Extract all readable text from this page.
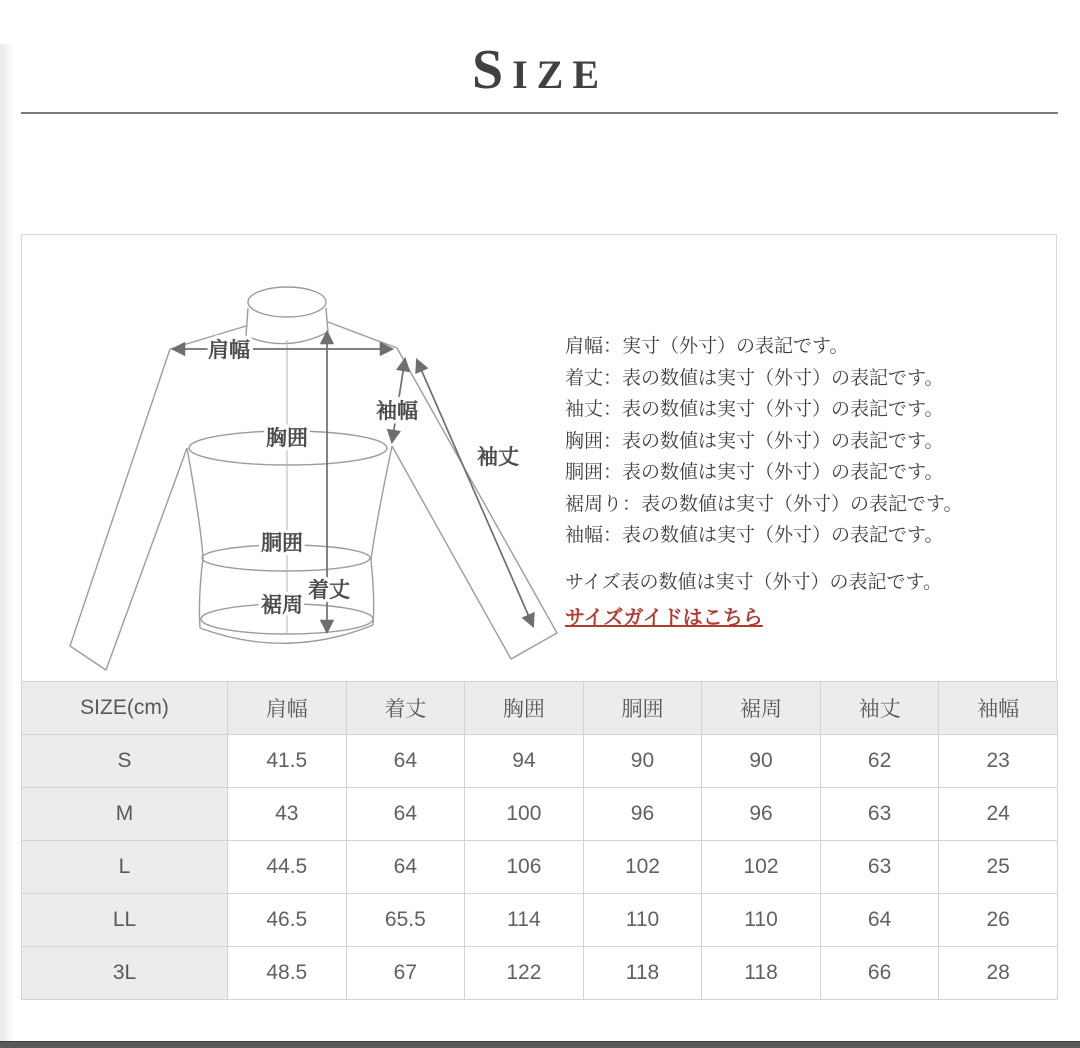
SIZE
肩幅
袖幅
袖丈
胸囲
胴囲
裾周
着丈
肩幅：実寸（外寸）の表記です。
着丈：表の数値は実寸（外寸）の表記です。
袖丈：表の数値は実寸（外寸）の表記です。
胸囲：表の数値は実寸（外寸）の表記です。
胴囲：表の数値は実寸（外寸）の表記です。
裾周り：表の数値は実寸（外寸）の表記です。
袖幅：表の数値は実寸（外寸）の表記です。
サイズ表の数値は実寸（外寸）の表記です。
サイズガイドはこちら
SIZE(cm)	肩幅	着丈	胸囲	胴囲	裾周	袖丈	袖幅
S	41.5	64	94	90	90	62	23
M	43	64	100	96	96	63	24
L	44.5	64	106	102	102	63	25
LL	46.5	65.5	114	110	110	64	26
3L	48.5	67	122	118	118	66	28
